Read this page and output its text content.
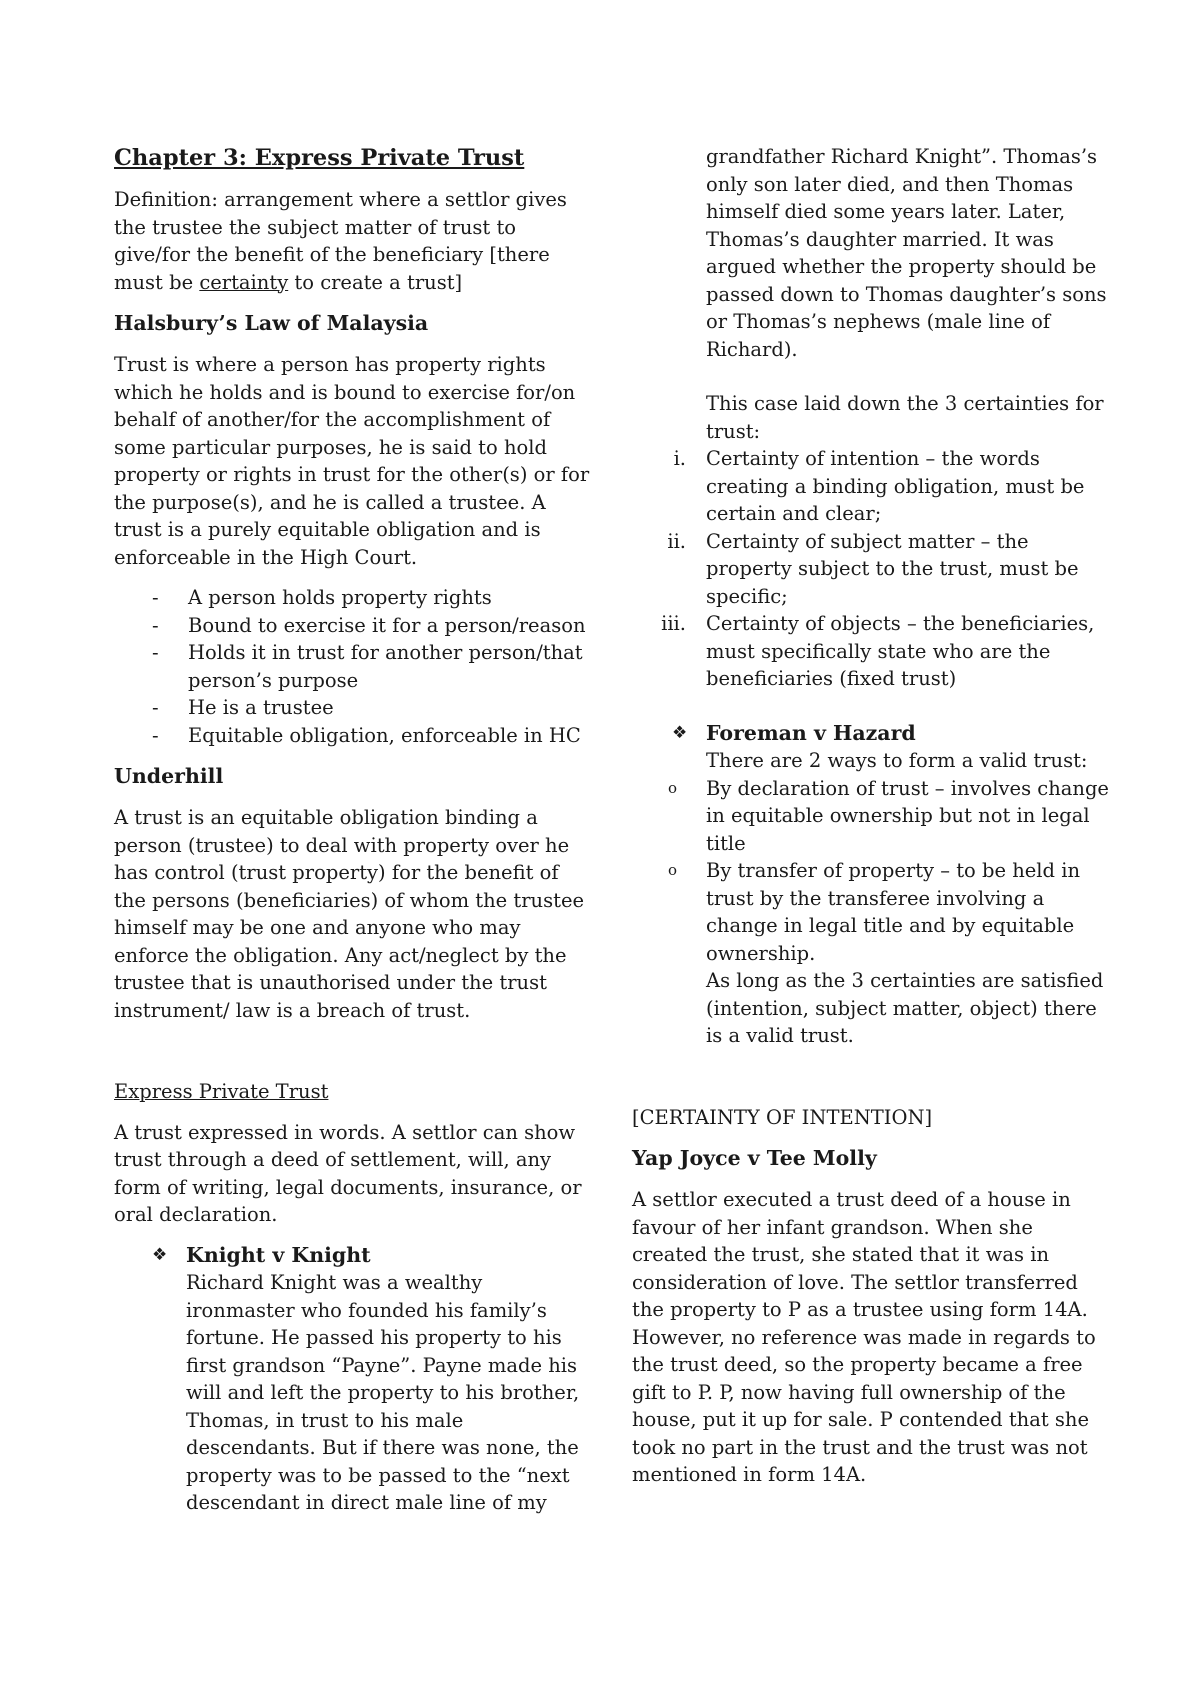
Chapter 3: Express Private Trust

Definition: arrangement where a settlor gives the trustee the subject matter of trust to give/for the benefit of the beneficiary [there must be certainty to create a trust]

Halsbury’s Law of Malaysia

Trust is where a person has property rights which he holds and is bound to exercise for/on behalf of another/for the accomplishment of some particular purposes, he is said to hold property or rights in trust for the other(s) or for the purpose(s), and he is called a trustee. A trust is a purely equitable obligation and is enforceable in the High Court.

-	A person holds property rights
-	Bound to exercise it for a person/reason
-	Holds it in trust for another person/that person’s purpose
-	He is a trustee
-	Equitable obligation, enforceable in HC
Underhill

A trust is an equitable obligation binding a person (trustee) to deal with property over he has control (trust property) for the benefit of the persons (beneficiaries) of whom the trustee himself may be one and anyone who may enforce the obligation. Any act/neglect by the trustee that is unauthorised under the trust instrument/ law is a breach of trust.

Express Private Trust

A trust expressed in words. A settlor can show trust through a deed of settlement, will, any form of writing, legal documents, insurance, or oral declaration.

❖ Knight v Knight
Richard Knight was a wealthy ironmaster who founded his family’s fortune. He passed his property to his first grandson “Payne”. Payne made his will and left the property to his brother, Thomas, in trust to his male descendants. But if there was none, the property was to be passed to the “next descendant in direct male line of my

grandfather Richard Knight”. Thomas’s only son later died, and then Thomas himself died some years later. Later, Thomas’s daughter married. It was argued whether the property should be passed down to Thomas daughter’s sons or Thomas’s nephews (male line of Richard).

This case laid down the 3 certainties for trust:

i.	Certainty of intention – the words creating a binding obligation, must be certain and clear;
ii.	Certainty of subject matter – the property subject to the trust, must be specific;
iii.	Certainty of objects – the beneficiaries, must specifically state who are the beneficiaries (fixed trust)
❖ Foreman v Hazard
There are 2 ways to form a valid trust:
o	By declaration of trust – involves change in equitable ownership but not in legal title
o	By transfer of property – to be held in trust by the transferee involving a change in legal title and by equitable ownership.

As long as the 3 certainties are satisfied (intention, subject matter, object) there is a valid trust.

[CERTAINTY OF INTENTION]

Yap Joyce v Tee Molly

A settlor executed a trust deed of a house in favour of her infant grandson. When she created the trust, she stated that it was in consideration of love. The settlor transferred the property to P as a trustee using form 14A. However, no reference was made in regards to the trust deed, so the property became a free gift to P. P, now having full ownership of the house, put it up for sale. P contended that she took no part in the trust and the trust was not mentioned in form 14A.
